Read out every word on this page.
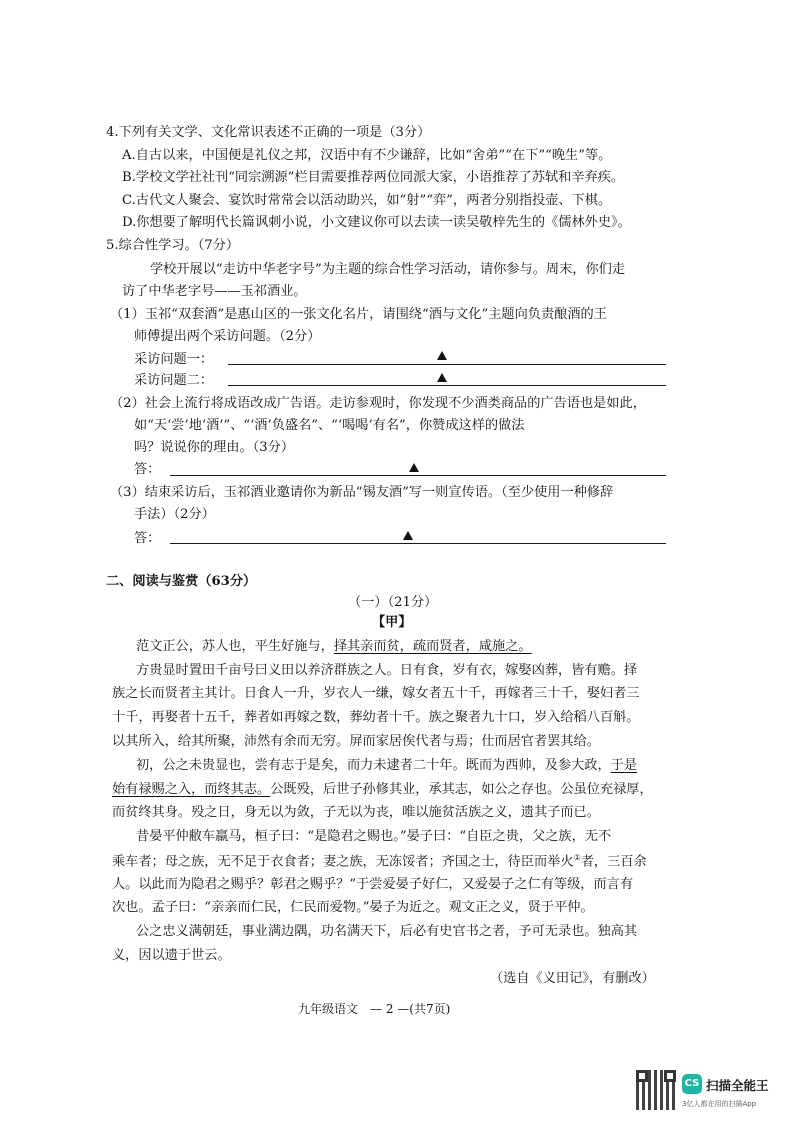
4.下列有关文学、文化常识表述不正确的一项是（3分）
A.自古以来，中国便是礼仪之邦，汉语中有不少谦辞，比如“舍弟”“在下”“晚生”等。
B.学校文学社社刊“同宗溯源”栏目需要推荐两位同派大家，小语推荐了苏轼和辛弃疾。
C.古代文人聚会、宴饮时常常会以活动助兴，如“射”“弈”，两者分别指投壶、下棋。
D.你想要了解明代长篇讽刺小说，小文建议你可以去读一读吴敬梓先生的《儒林外史》。
5.综合性学习。（7分）
学校开展以“走访中华老字号”为主题的综合性学习活动，请你参与。周末，你们走
访了中华老字号——玉祁酒业。
（1）玉祁“双套酒”是惠山区的一张文化名片，请围绕“酒与文化”主题向负责酿酒的王
师傅提出两个采访问题。（2分）
采访问题一：
采访问题二：
（2）社会上流行将成语改成广告语。走访参观时，你发现不少酒类商品的广告语也是如此，
如“天‘尝’地‘酒’”、“‘酒’负盛名”、“‘喝喝’有名”，你赞成这样的做法
吗？说说你的理由。（3分）
答：
（3）结束采访后，玉祁酒业邀请你为新品“锡友酒”写一则宣传语。（至少使用一种修辞
手法）（2分）
答：
二、阅读与鉴赏（63分）
（一）（21分）
【甲】
范文正公，苏人也，平生好施与，择其亲而贫，疏而贤者，咸施之。
方贵显时置田千亩号曰义田以养济群族之人。日有食，岁有衣，嫁娶凶葬，皆有赡。择
族之长而贤者主其计。日食人一升，岁衣人一缣，嫁女者五十千，再嫁者三十千，娶妇者三
十千，再娶者十五千，葬者如再嫁之数，葬幼者十千。族之聚者九十口，岁入给稻八百斛。
以其所入，给其所聚，沛然有余而无穷。屏而家居俟代者与焉；仕而居官者罢其给。
初，公之未贵显也，尝有志于是矣，而力未逮者二十年。既而为西帅，及参大政，于是
始有禄赐之入，而终其志。公既殁，后世子孙修其业，承其志，如公之存也。公虽位充禄厚，
而贫终其身。殁之日，身无以为敛，子无以为丧，唯以施贫活族之义，遗其子而已。
昔晏平仲敝车羸马，桓子曰：“是隐君之赐也。”晏子曰：“自臣之贵，父之族，无不
乘车者；母之族，无不足于衣食者；妻之族，无冻馁者；齐国之士，待臣而举火①者，三百余
人。以此而为隐君之赐乎？彰君之赐乎？”于尝爱晏子好仁，又爱晏子之仁有等级，而言有
次也。孟子曰：“亲亲而仁民，仁民而爱物。”晏子为近之。观文正之义，贤于平仲。
公之忠义满朝廷，事业满边隅，功名满天下，后必有史官书之者，予可无录也。独高其
义，因以遗于世云。
（选自《义田记》，有删改）
九年级语文　— 2 —(共7页)
CS 扫描全能王
3亿人都在用的扫描App
